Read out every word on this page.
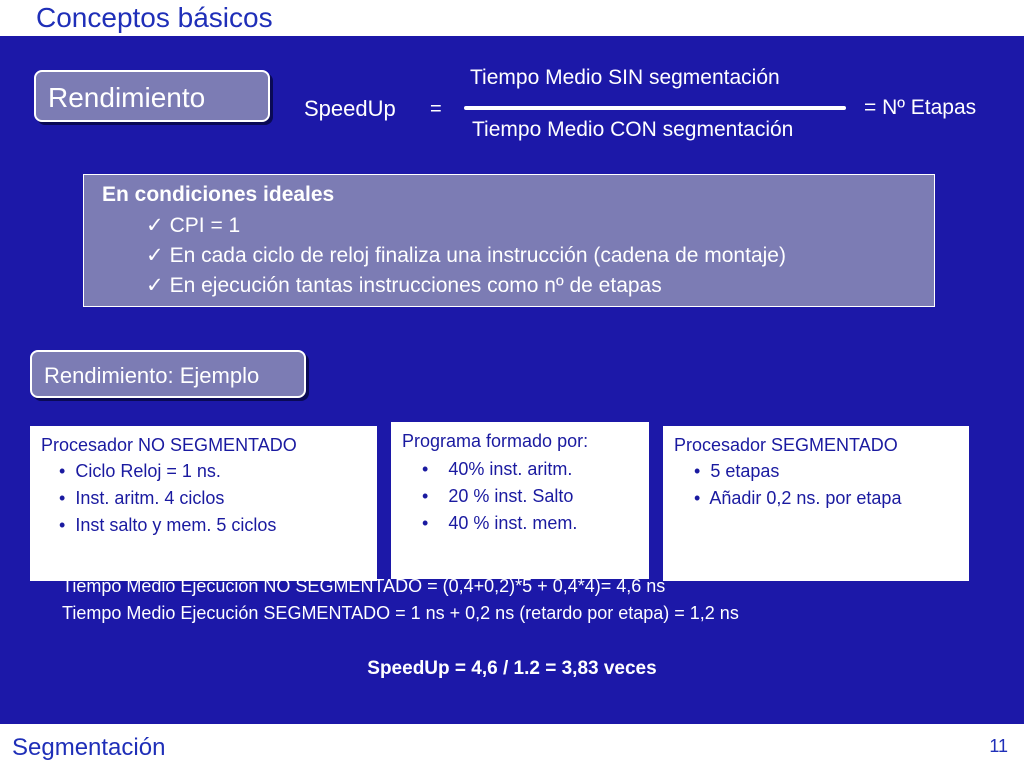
Conceptos básicos
Rendimiento	SpeedUp =
Tiempo Medio SIN segmentación
Tiempo Medio CON segmentación
= Nº Etapas
En condiciones ideales
✓ CPI = 1
✓ En cada ciclo de reloj finaliza una instrucción (cadena de montaje)
✓ En ejecución tantas instrucciones como nº de etapas
Rendimiento: Ejemplo
Procesador NO SEGMENTADO
• Ciclo Reloj = 1 ns.
• Inst. aritm. 4 ciclos
• Inst salto y mem. 5 ciclos
Programa formado por:
• 40% inst. aritm.
• 20 % inst. Salto
• 40 % inst. mem.
Procesador SEGMENTADO
• 5 etapas
• Añadir 0,2 ns. por etapa
Tiempo Medio Ejecución NO SEGMENTADO = (0,4+0,2)*5 + 0,4*4)= 4,6 ns
Tiempo Medio Ejecución SEGMENTADO = 1 ns + 0,2 ns (retardo por etapa) = 1,2 ns
SpeedUp = 4,6 / 1.2 = 3,83 veces
Segmentación	11
